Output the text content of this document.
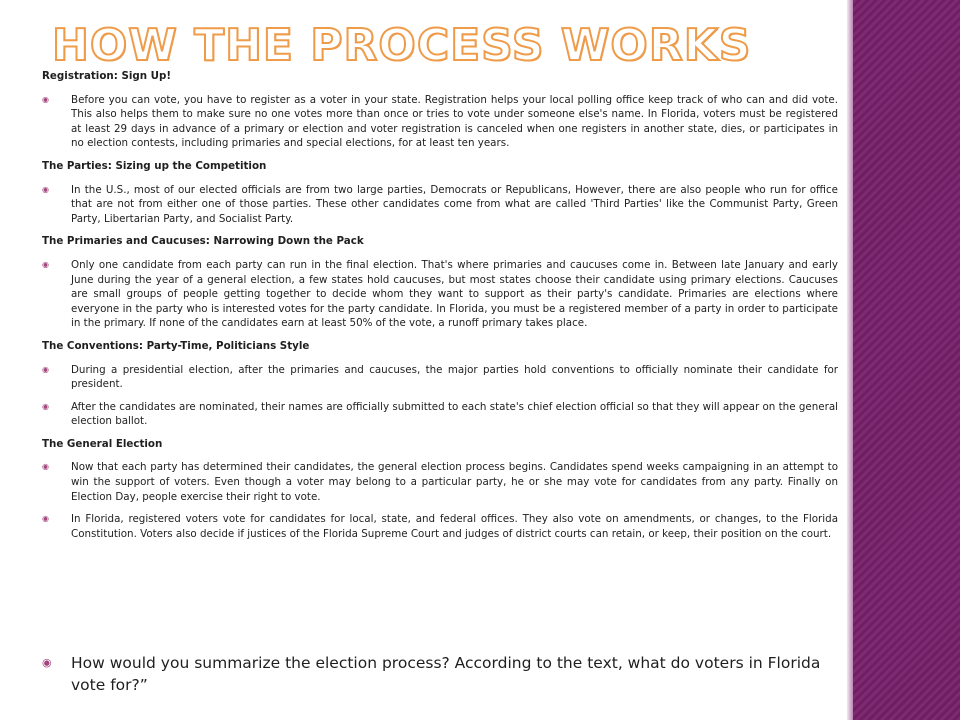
HOW THE PROCESS WORKS
Registration: Sign Up!
◉ Before you can vote, you have to register as a voter in your state. Registration helps your local polling office keep track of who can and did vote. This also helps them to make sure no one votes more than once or tries to vote under someone else's name. In Florida, voters must be registered at least 29 days in advance of a primary or election and voter registration is canceled when one registers in another state, dies, or participates in no election contests, including primaries and special elections, for at least ten years.
The Parties: Sizing up the Competition
◉ In the U.S., most of our elected officials are from two large parties, Democrats or Republicans, However, there are also people who run for office that are not from either one of those parties. These other candidates come from what are called 'Third Parties' like the Communist Party, Green Party, Libertarian Party, and Socialist Party.
The Primaries and Caucuses: Narrowing Down the Pack
◉ Only one candidate from each party can run in the final election. That's where primaries and caucuses come in. Between late January and early June during the year of a general election, a few states hold caucuses, but most states choose their candidate using primary elections. Caucuses are small groups of people getting together to decide whom they want to support as their party's candidate. Primaries are elections where everyone in the party who is interested votes for the party candidate. In Florida, you must be a registered member of a party in order to participate in the primary. If none of the candidates earn at least 50% of the vote, a runoff primary takes place.
The Conventions: Party-Time, Politicians Style
◉ During a presidential election, after the primaries and caucuses, the major parties hold conventions to officially nominate their candidate for president.
◉ After the candidates are nominated, their names are officially submitted to each state's chief election official so that they will appear on the general election ballot.
The General Election
◉ Now that each party has determined their candidates, the general election process begins. Candidates spend weeks campaigning in an attempt to win the support of voters. Even though a voter may belong to a particular party, he or she may vote for candidates from any party. Finally on Election Day, people exercise their right to vote.
◉ In Florida, registered voters vote for candidates for local, state, and federal offices. They also vote on amendments, or changes, to the Florida Constitution. Voters also decide if justices of the Florida Supreme Court and judges of district courts can retain, or keep, their position on the court.
◉ How would you summarize the election process? According to the text, what do voters in Florida vote for?”
